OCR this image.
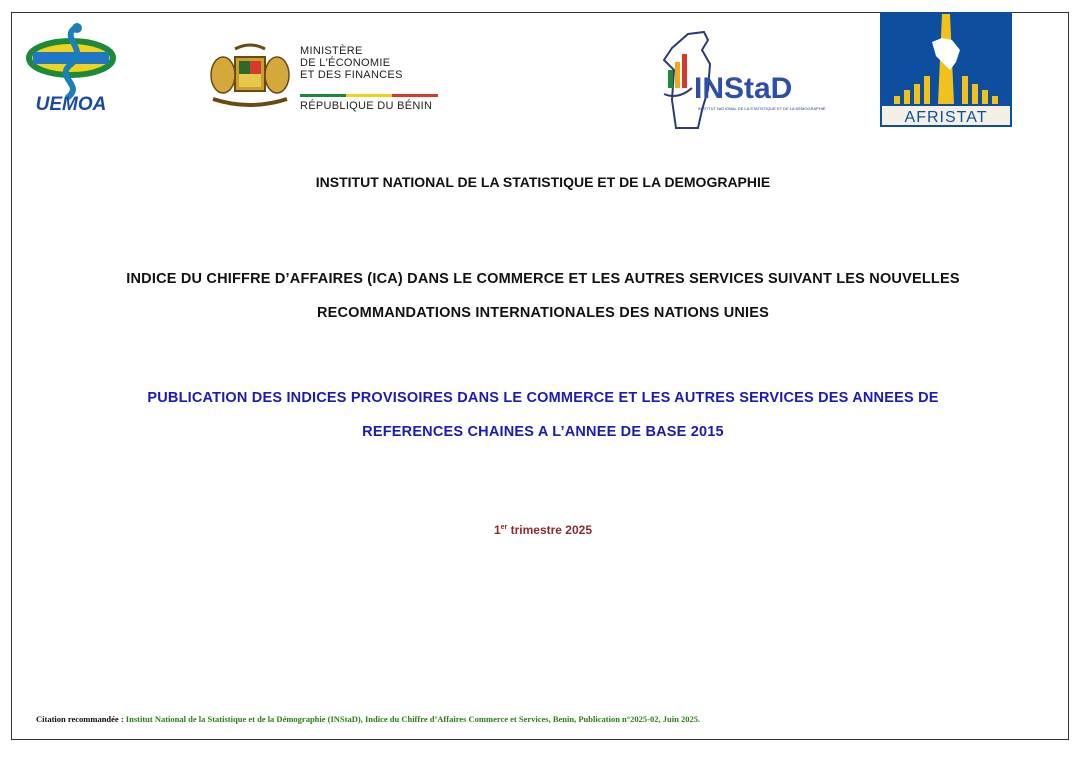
UEMOA
MINISTÈRE
DE L'ÉCONOMIE
ET DES FINANCES
RÉPUBLIQUE DU BÉNIN
INStaD
INSTITUT NATIONAL DE LA STATISTIQUE ET DE LA DÉMOGRAPHIE
AFRISTAT
INSTITUT NATIONAL DE LA STATISTIQUE ET DE LA DEMOGRAPHIE
INDICE DU CHIFFRE D’AFFAIRES (ICA) DANS LE COMMERCE ET LES AUTRES SERVICES SUIVANT LES NOUVELLES
RECOMMANDATIONS INTERNATIONALES DES NATIONS UNIES
PUBLICATION DES INDICES PROVISOIRES DANS LE COMMERCE ET LES AUTRES SERVICES DES ANNEES DE
REFERENCES CHAINES A L’ANNEE DE BASE 2015
1er trimestre 2025
Citation recommandée : Institut National de la Statistique et de la Démographie (INStaD), Indice du Chiffre d’Affaires Commerce et Services, Benin, Publication n°2025-02, Juin 2025.
